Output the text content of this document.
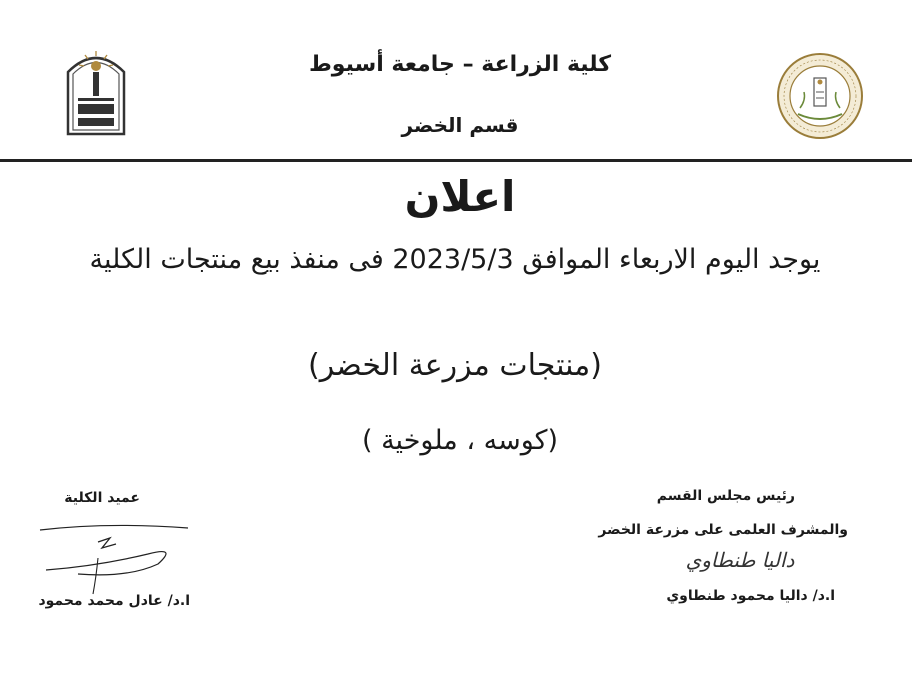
كلية الزراعة – جامعة أسيوط
قسم الخضر
اعلان
يوجد اليوم الاربعاء الموافق 2023/5/3 فى منفذ بيع منتجات الكلية
(منتجات مزرعة الخضر)
(كوسه ، ملوخية )
عميد الكلية
ا.د/ عادل محمد محمود
رئيس مجلس القسم
والمشرف العلمى على مزرعة الخضر
داليا طنطاوي
ا.د/ داليا محمود طنطاوي
